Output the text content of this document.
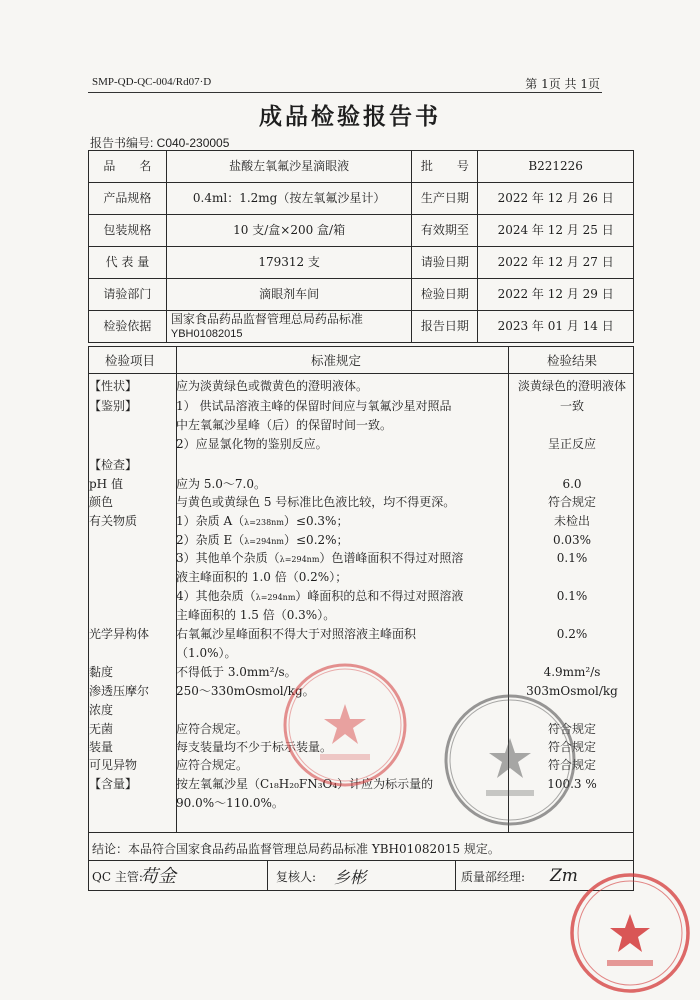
SMP-QD-QC-004/Rd07·D	第 1页 共 1页
成品检验报告书
报告书编号: C040-230005
品　　名	盐酸左氧氟沙星滴眼液	批　　号	B221226
产品规格	0.4ml：1.2mg（按左氧氟沙星计）	生产日期	2022 年 12 月 26 日
包装规格	10 支/盒×200 盒/箱	有效期至	2024 年 12 月 25 日
代 表 量	179312 支	请验日期	2022 年 12 月 27 日
请验部门	滴眼剂车间	检验日期	2022 年 12 月 29 日
检验依据	国家食品药品监督管理总局药品标准
YBH01082015	报告日期	2023 年 01 月 14 日
检验项目	标准规定	检验结果
【性状】	应为淡黄绿色或微黄色的澄明液体。	淡黄绿色的澄明液体
【鉴别】	1） 供试品溶液主峰的保留时间应与氧氟沙星对照品	一致
中左氧氟沙星峰（后）的保留时间一致。
2）应显氯化物的鉴别反应。	呈正反应
【检查】
pH 值	应为 5.0～7.0。	6.0
颜色	与黄色或黄绿色 5 号标准比色液比较，均不得更深。	符合规定
有关物质	1）杂质 A（λ=238nm）≤0.3%；	未检出
2）杂质 E（λ=294nm）≤0.2%；	0.03%
3）其他单个杂质（λ=294nm）色谱峰面积不得过对照溶	0.1%
液主峰面积的 1.0 倍（0.2%）；
4）其他杂质（λ=294nm）峰面积的总和不得过对照溶液	0.1%
主峰面积的 1.5 倍（0.3%）。
光学异构体 右氧氟沙星峰面积不得大于对照溶液主峰面积	0.2%
（1.0%）。
黏度	不得低于 3.0mm²/s。	4.9mm²/s
渗透压摩尔 250～330mOsmol/kg。	303mOsmol/kg
浓度
无菌	应符合规定。	符合规定
装量	每支装量均不少于标示装量。	符合规定
可见异物	应符合规定。	符合规定
【含量】	按左氧氟沙星（C₁₈H₂₀FN₃O₄）计应为标示量的	100.3 %
90.0%～110.0%。
结论：本品符合国家食品药品监督管理总局药品标准 YBH01082015 规定。
QC 主管:
苟金	复核人: 乡彬	质量部经理: Zm
